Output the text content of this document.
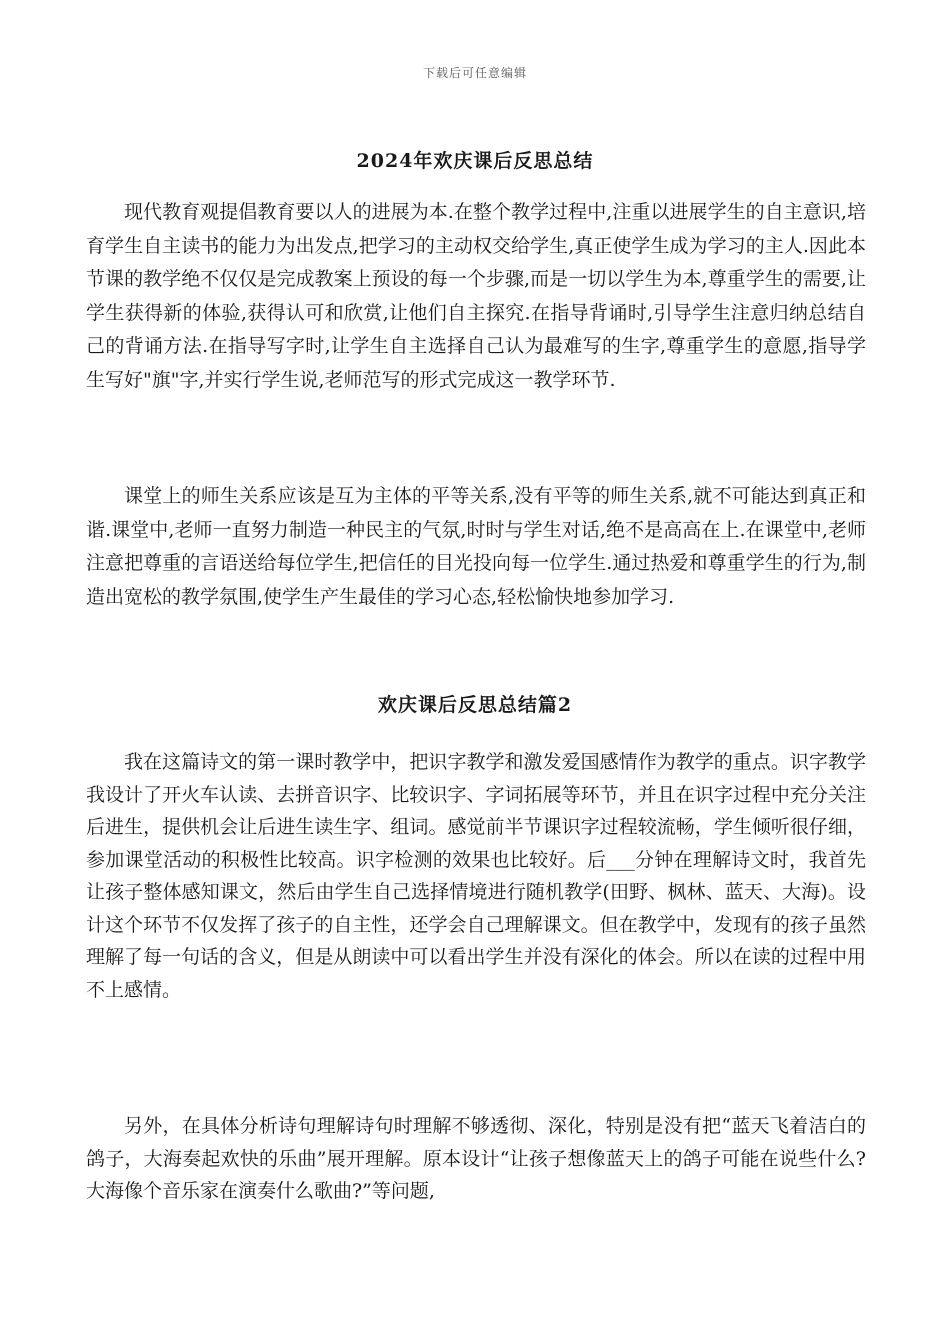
下载后可任意编辑
2024年欢庆课后反思总结

现代教育观提倡教育要以人的进展为本.在整个教学过程中,注重以进展学生的自主意识,培育学生自主读书的能力为出发点,把学习的主动权交给学生,真正使学生成为学习的主人.因此本节课的教学绝不仅仅是完成教案上预设的每一个步骤,而是一切以学生为本,尊重学生的需要,让学生获得新的体验,获得认可和欣赏,让他们自主探究.在指导背诵时,引导学生注意归纳总结自己的背诵方法.在指导写字时,让学生自主选择自己认为最难写的生字,尊重学生的意愿,指导学生写好"旗"字,并实行学生说,老师范写的形式完成这一教学环节.

课堂上的师生关系应该是互为主体的平等关系,没有平等的师生关系,就不可能达到真正和谐.课堂中,老师一直努力制造一种民主的气氛,时时与学生对话,绝不是高高在上.在课堂中,老师注意把尊重的言语送给每位学生,把信任的目光投向每一位学生.通过热爱和尊重学生的行为,制造出宽松的教学氛围,使学生产生最佳的学习心态,轻松愉快地参加学习.

欢庆课后反思总结篇2

我在这篇诗文的第一课时教学中，把识字教学和激发爱国感情作为教学的重点。识字教学我设计了开火车认读、去拼音识字、比较识字、字词拓展等环节，并且在识字过程中充分关注后进生，提供机会让后进生读生字、组词。感觉前半节课识字过程较流畅，学生倾听很仔细，参加课堂活动的积极性比较高。识字检测的效果也比较好。后___分钟在理解诗文时，我首先让孩子整体感知课文，然后由学生自己选择情境进行随机教学(田野、枫林、蓝天、大海)。设计这个环节不仅发挥了孩子的自主性，还学会自己理解课文。但在教学中，发现有的孩子虽然理解了每一句话的含义，但是从朗读中可以看出学生并没有深化的体会。所以在读的过程中用不上感情。

另外，在具体分析诗句理解诗句时理解不够透彻、深化，特别是没有把“蓝天飞着洁白的鸽子，大海奏起欢快的乐曲”展开理解。原本设计“让孩子想像蓝天上的鸽子可能在说些什么?大海像个音乐家在演奏什么歌曲?”等问题,
